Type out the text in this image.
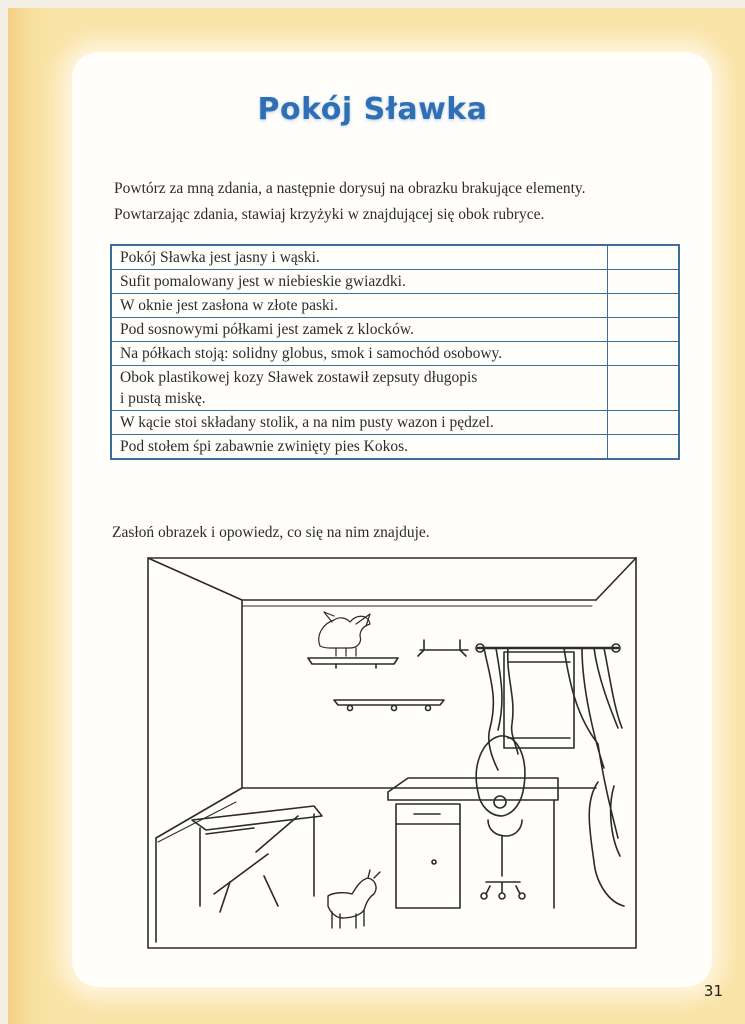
Pokój Sławka
Powtórz za mną zdania, a następnie dorysuj na obrazku brakujące elementy.
Powtarzając zdania, stawiaj krzyżyki w znajdującej się obok rubryce.
Pokój Sławka jest jasny i wąski.	
Sufit pomalowany jest w niebieskie gwiazdki.	
W oknie jest zasłona w złote paski.	
Pod sosnowymi półkami jest zamek z klocków.	
Na półkach stoją: solidny globus, smok i samochód osobowy.	
Obok plastikowej kozy Sławek zostawił zepsuty długopis
i pustą miskę.	
W kącie stoi składany stolik, a na nim pusty wazon i pędzel.	
Pod stołem śpi zabawnie zwinięty pies Kokos.	
Zasłoń obrazek i opowiedz, co się na nim znajduje.
31
